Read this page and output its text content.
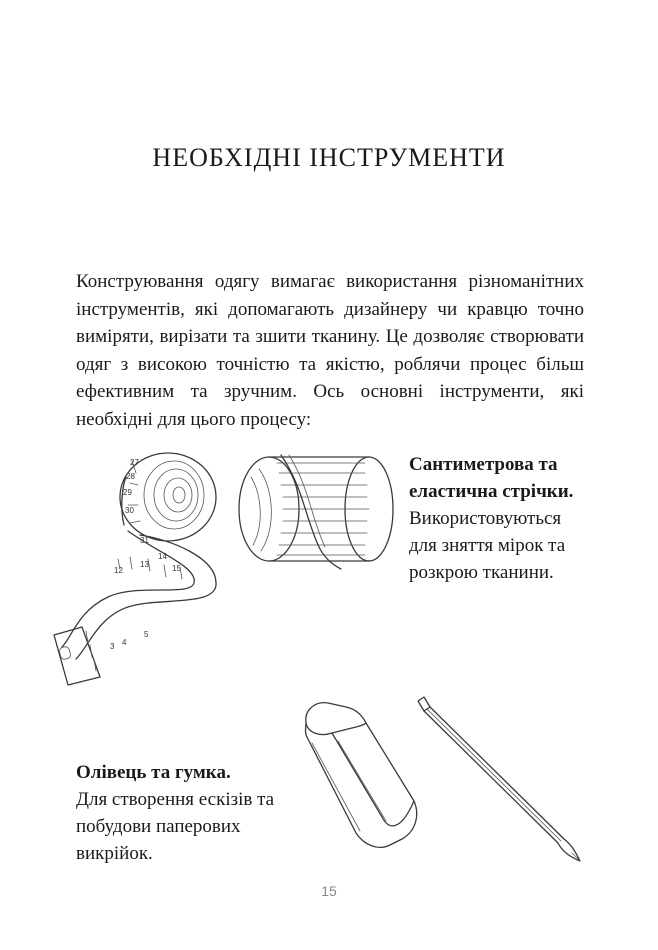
НЕОБХІДНІ ІНСТРУМЕНТИ

Конструювання одягу вимагає використання різноманітних інструментів, які допомагають дизайнеру чи кравцю точно виміряти, вирізати та зшити тканину. Це дозволяє створювати одяг з високою точністю та якістю, роблячи процес більш ефективним та зручним. Ось основні інструменти, які необхідні для цього процесу:

27
28
29
30
31
14
13
12	15
5
3 4

Сантиметрова та еластична стрічки.
Використовуються для зняття мірок та розкрою тканини.

Олівець та гумка.
Для створення ескізів та побудови паперових викрійок.

15
